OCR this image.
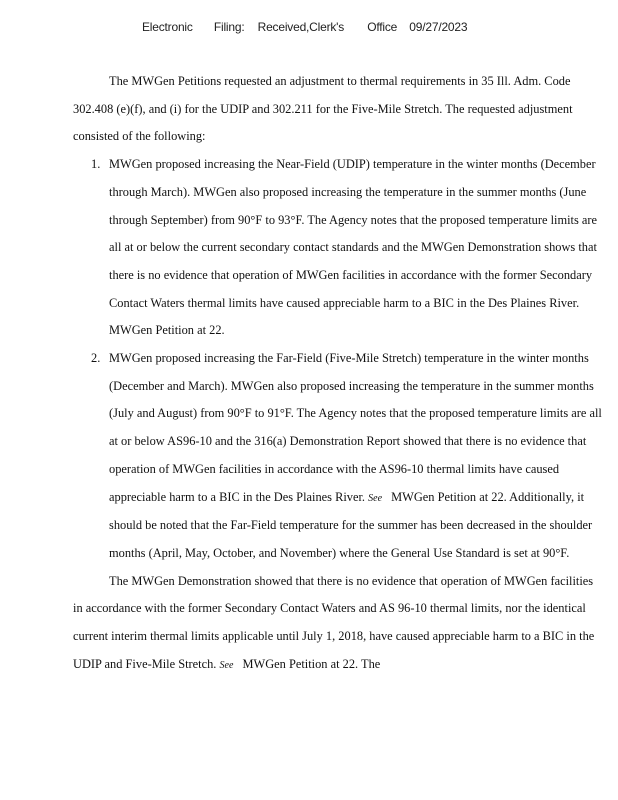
Electronic Filing: Received,Clerk's Office 09/27/2023

The MWGen Petitions requested an adjustment to thermal requirements in 35 Ill. Adm. Code 302.408 (e)(f), and (i) for the UDIP and 302.211 for the Five-Mile Stretch. The requested adjustment consisted of the following:

1. MWGen proposed increasing the Near-Field (UDIP) temperature in the winter months (December through March). MWGen also proposed increasing the temperature in the summer months (June through September) from 90°F to 93°F. The Agency notes that the proposed temperature limits are all at or below the current secondary contact standards and the MWGen Demonstration shows that there is no evidence that operation of MWGen facilities in accordance with the former Secondary Contact Waters thermal limits have caused appreciable harm to a BIC in the Des Plaines River. MWGen Petition at 22.
2. MWGen proposed increasing the Far-Field (Five-Mile Stretch) temperature in the winter months (December and March). MWGen also proposed increasing the temperature in the summer months (July and August) from 90°F to 91°F. The Agency notes that the proposed temperature limits are all at or below AS96-10 and the 316(a) Demonstration Report showed that there is no evidence that operation of MWGen facilities in accordance with the AS96-10 thermal limits have caused appreciable harm to a BIC in the Des Plaines River. See MWGen Petition at 22. Additionally, it should be noted that the Far-Field temperature for the summer has been decreased in the shoulder months (April, May, October, and November) where the General Use Standard is set at 90°F.

The MWGen Demonstration showed that there is no evidence that operation of MWGen facilities in accordance with the former Secondary Contact Waters and AS 96-10 thermal limits, nor the identical current interim thermal limits applicable until July 1, 2018, have caused appreciable harm to a BIC in the UDIP and Five-Mile Stretch. See MWGen Petition at 22. The
